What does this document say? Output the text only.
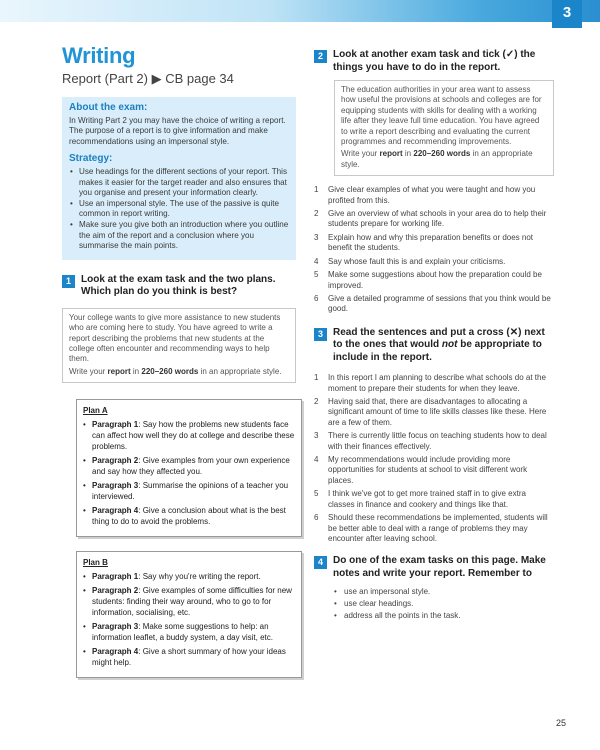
3
Writing
Report (Part 2) ▶ CB page 34
About the exam:
In Writing Part 2 you may have the choice of writing a report. The purpose of a report is to give information and make recommendations using an impersonal style.
Strategy:
• Use headings for the different sections of your report. This makes it easier for the target reader and also ensures that you organise and present your information clearly.
• Use an impersonal style. The use of the passive is quite common in report writing.
• Make sure you give both an introduction where you outline the aim of the report and a conclusion where you summarise the main points.
1	Look at the exam task and the two plans. Which plan do you think is best?

Your college wants to give more assistance to new students who are coming here to study. You have agreed to write a report describing the problems that new students at the college often encounter and recommending ways to help them.

Write your report in 220–260 words in an appropriate style.

Plan A
• Paragraph 1: Say how the problems new students face can affect how well they do at college and describe these problems.
• Paragraph 2: Give examples from your own experience and say how they affected you.
• Paragraph 3: Summarise the opinions of a teacher you interviewed.
• Paragraph 4: Give a conclusion about what is the best thing to do to avoid the problems.
Plan B
• Paragraph 1: Say why you're writing the report.
• Paragraph 2: Give examples of some difficulties for new students: finding their way around, who to go to for information, socialising, etc.
• Paragraph 3: Make some suggestions to help: an information leaflet, a buddy system, a day visit, etc.
• Paragraph 4: Give a short summary of how your ideas might help.
2	Look at another exam task and tick (✓) the things you have to do in the report.

The education authorities in your area want to assess how useful the provisions at schools and colleges are for equipping students with skills for dealing with a working life after they leave full time education. You have agreed to write a report describing and evaluating the current programmes and recommending improvements.

Write your report in 220–260 words in an appropriate style.

1	Give clear examples of what you were taught and how you profited from this.
2	Give an overview of what schools in your area do to help their students prepare for working life.
3	Explain how and why this preparation benefits or does not benefit the students.
4	Say whose fault this is and explain your criticisms.
5	Make some suggestions about how the preparation could be improved.
6	Give a detailed programme of sessions that you think would be good.
3	Read the sentences and put a cross (✕) next to the ones that would not be appropriate to include in the report.
1	In this report I am planning to describe what schools do at the moment to prepare their students for when they leave.
2	Having said that, there are disadvantages to allocating a significant amount of time to life skills classes like these. Here are a few of them.
3	There is currently little focus on teaching students how to deal with their finances effectively.
4	My recommendations would include providing more opportunities for students at school to visit different work places.
5	I think we've got to get more trained staff in to give extra classes in finance and cookery and things like that.
6	Should these recommendations be implemented, students will be better able to deal with a range of problems they may encounter after leaving school.
4	Do one of the exam tasks on this page. Make notes and write your report. Remember to
• use an impersonal style.
• use clear headings.
• address all the points in the task.
25
